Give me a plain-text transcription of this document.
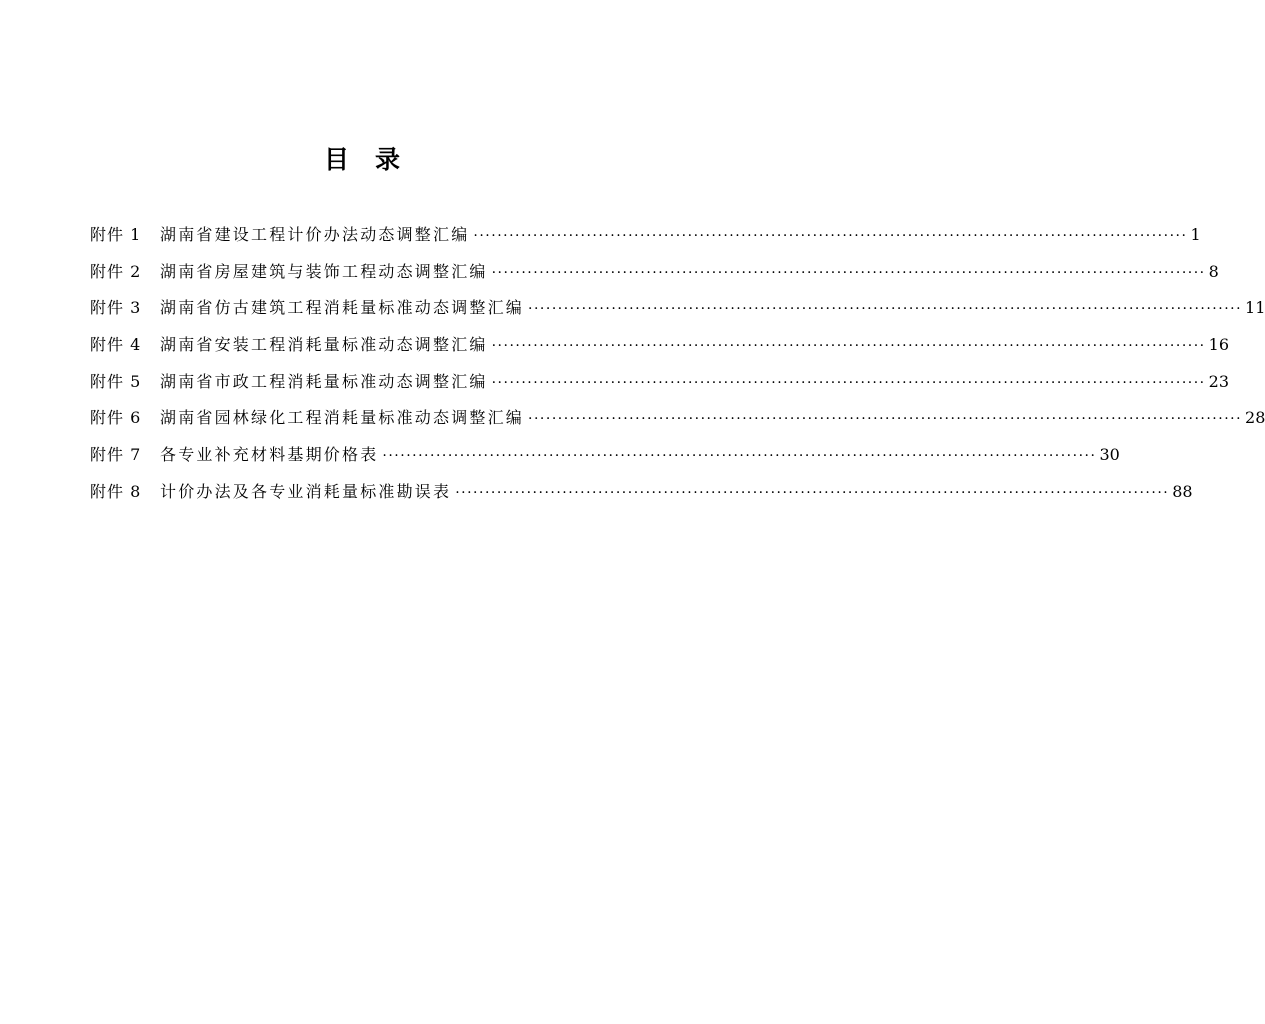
目 录
附件 1	湖南省建设工程计价办法动态调整汇编 ························································································································ 1
附件 2	湖南省房屋建筑与装饰工程动态调整汇编 ························································································································ 8
附件 3	湖南省仿古建筑工程消耗量标准动态调整汇编 ························································································································ 11
附件 4	湖南省安装工程消耗量标准动态调整汇编 ························································································································ 16
附件 5	湖南省市政工程消耗量标准动态调整汇编 ························································································································ 23
附件 6	湖南省园林绿化工程消耗量标准动态调整汇编 ························································································································ 28
附件 7	各专业补充材料基期价格表 ························································································································ 30
附件 8	计价办法及各专业消耗量标准勘误表 ························································································································ 88
